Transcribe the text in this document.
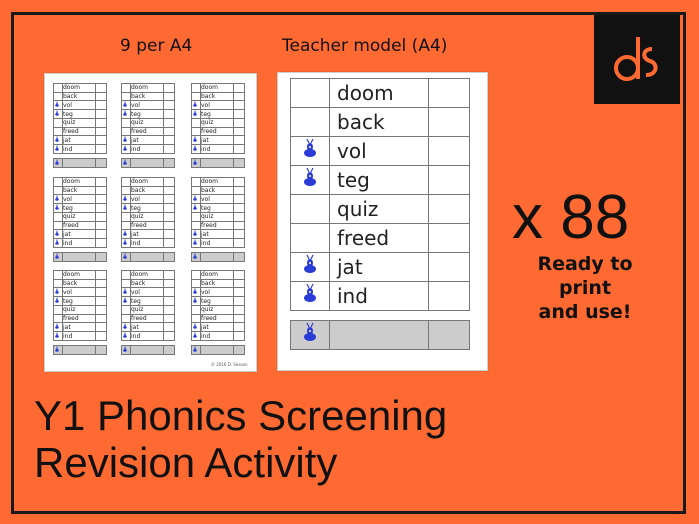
9 per A4	Teacher model (A4)
	doom	
	back	
	vol	
	teg	
	quiz	
	freed	
	jat	
	ind	

	doom	
	back	
	vol	
	teg	
	quiz	
	freed	
	jat	
	ind	

	doom	
	back	
	vol	
	teg	
	quiz	
	freed	
	jat	
	ind	

	doom	
	back	
	vol	
	teg	
	quiz	
	freed	
	jat	
	ind	

	doom	
	back	
	vol	
	teg	
	quiz	
	freed	
	jat	
	ind	

	doom	
	back	
	vol	
	teg	
	quiz	
	freed	
	jat	
	ind	

	doom	
	back	
	vol	
	teg	
	quiz	
	freed	
	jat	
	ind	

	doom	
	back	
	vol	
	teg	
	quiz	
	freed	
	jat	
	ind	

	doom	
	back	
	vol	
	teg	
	quiz	
	freed	
	jat	
	ind	

© 2016 D. Sesson
	doom	
	back	
	vol	
	teg	
	quiz	
	freed	
	jat	
	ind	

x 88
Ready to print
and use!
Y1 Phonics Screening
Revision Activity
